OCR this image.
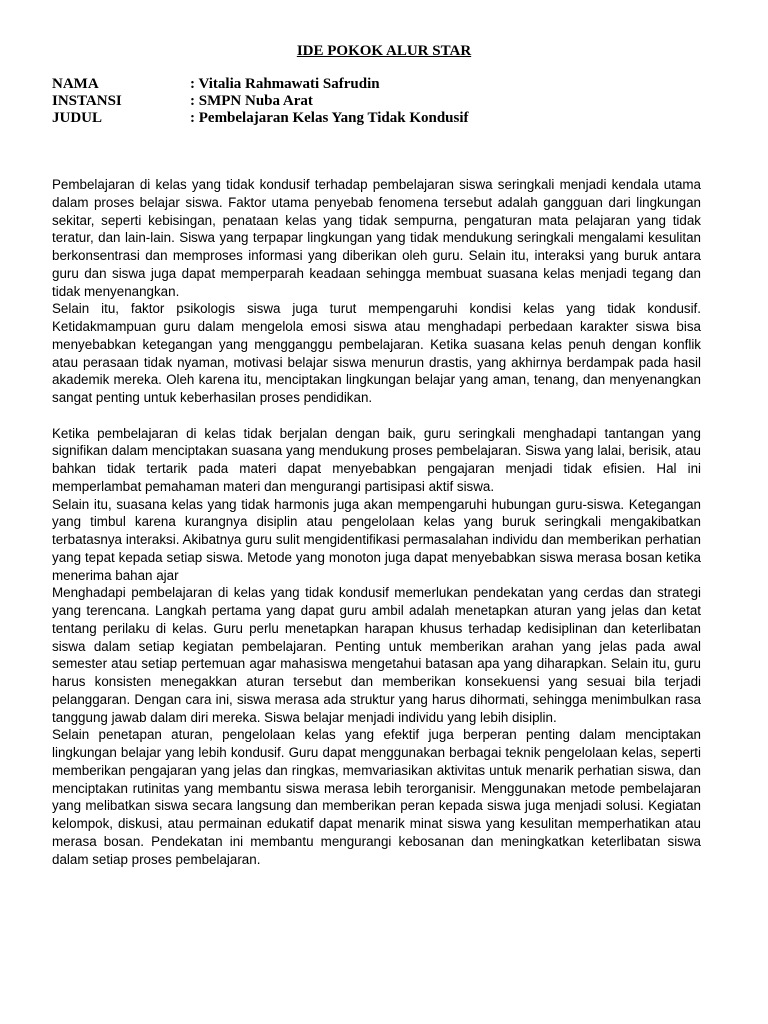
IDE POKOK ALUR STAR
NAMA	: Vitalia Rahmawati Safrudin
INSTANSI	: SMPN Nuba Arat
JUDUL	: Pembelajaran Kelas Yang Tidak Kondusif

Pembelajaran di kelas yang tidak kondusif terhadap pembelajaran siswa seringkali menjadi kendala utama dalam proses belajar siswa. Faktor utama penyebab fenomena tersebut adalah gangguan dari lingkungan sekitar, seperti kebisingan, penataan kelas yang tidak sempurna, pengaturan mata pelajaran yang tidak teratur, dan lain-lain. Siswa yang terpapar lingkungan yang tidak mendukung seringkali mengalami kesulitan berkonsentrasi dan memproses informasi yang diberikan oleh guru. Selain itu, interaksi yang buruk antara guru dan siswa juga dapat memperparah keadaan sehingga membuat suasana kelas menjadi tegang dan tidak menyenangkan.

Selain itu, faktor psikologis siswa juga turut mempengaruhi kondisi kelas yang tidak kondusif. Ketidakmampuan guru dalam mengelola emosi siswa atau menghadapi perbedaan karakter siswa bisa menyebabkan ketegangan yang mengganggu pembelajaran. Ketika suasana kelas penuh dengan konflik atau perasaan tidak nyaman, motivasi belajar siswa menurun drastis, yang akhirnya berdampak pada hasil akademik mereka. Oleh karena itu, menciptakan lingkungan belajar yang aman, tenang, dan menyenangkan sangat penting untuk keberhasilan proses pendidikan.

Ketika pembelajaran di kelas tidak berjalan dengan baik, guru seringkali menghadapi tantangan yang signifikan dalam menciptakan suasana yang mendukung proses pembelajaran. Siswa yang lalai, berisik, atau bahkan tidak tertarik pada materi dapat menyebabkan pengajaran menjadi tidak efisien. Hal ini memperlambat pemahaman materi dan mengurangi partisipasi aktif siswa.

Selain itu, suasana kelas yang tidak harmonis juga akan mempengaruhi hubungan guru-siswa. Ketegangan yang timbul karena kurangnya disiplin atau pengelolaan kelas yang buruk seringkali mengakibatkan terbatasnya interaksi. Akibatnya guru sulit mengidentifikasi permasalahan individu dan memberikan perhatian yang tepat kepada setiap siswa. Metode yang monoton juga dapat menyebabkan siswa merasa bosan ketika menerima bahan ajar

Menghadapi pembelajaran di kelas yang tidak kondusif memerlukan pendekatan yang cerdas dan strategi yang terencana. Langkah pertama yang dapat guru ambil adalah menetapkan aturan yang jelas dan ketat tentang perilaku di kelas. Guru perlu menetapkan harapan khusus terhadap kedisiplinan dan keterlibatan siswa dalam setiap kegiatan pembelajaran. Penting untuk memberikan arahan yang jelas pada awal semester atau setiap pertemuan agar mahasiswa mengetahui batasan apa yang diharapkan. Selain itu, guru harus konsisten menegakkan aturan tersebut dan memberikan konsekuensi yang sesuai bila terjadi pelanggaran. Dengan cara ini, siswa merasa ada struktur yang harus dihormati, sehingga menimbulkan rasa tanggung jawab dalam diri mereka. Siswa belajar menjadi individu yang lebih disiplin.

Selain penetapan aturan, pengelolaan kelas yang efektif juga berperan penting dalam menciptakan lingkungan belajar yang lebih kondusif. Guru dapat menggunakan berbagai teknik pengelolaan kelas, seperti memberikan pengajaran yang jelas dan ringkas, memvariasikan aktivitas untuk menarik perhatian siswa, dan menciptakan rutinitas yang membantu siswa merasa lebih terorganisir. Menggunakan metode pembelajaran yang melibatkan siswa secara langsung dan memberikan peran kepada siswa juga menjadi solusi. Kegiatan kelompok, diskusi, atau permainan edukatif dapat menarik minat siswa yang kesulitan memperhatikan atau merasa bosan. Pendekatan ini membantu mengurangi kebosanan dan meningkatkan keterlibatan siswa dalam setiap proses pembelajaran.
